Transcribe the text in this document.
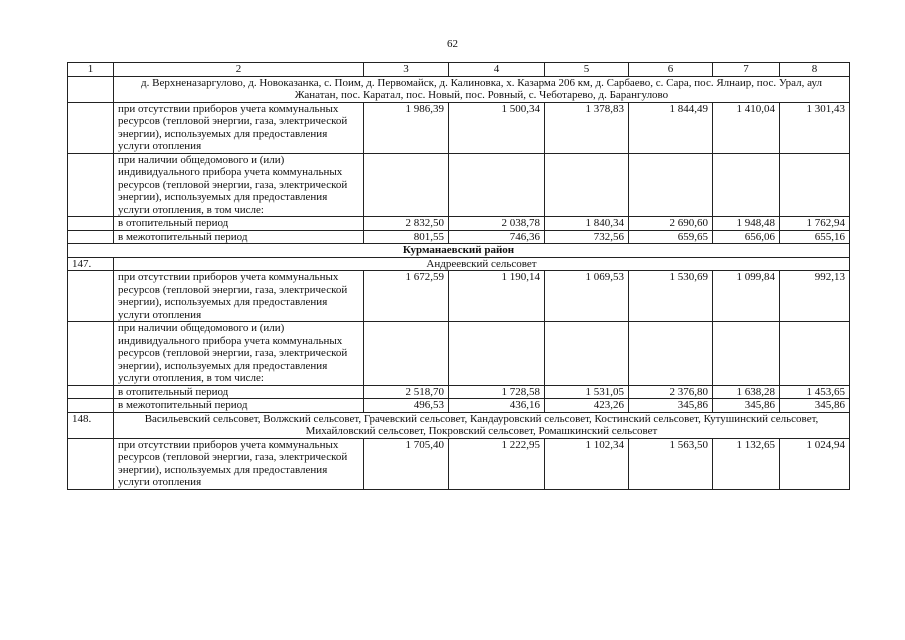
62
1	2	3	4	5	6	7	8
	д. Верхненазаргулово, д. Новоказанка, с. Поим, д. Первомайск, д. Калиновка, х. Казарма 206 км, д. Сарбаево, с. Сара, пос. Ялнаир, пос. Урал, аул Жанатан, пос. Каратал, пос. Новый, пос. Ровный, с. Чеботарево, д. Барангулово						
	при отсутствии приборов учета коммунальных ресурсов (тепловой энергии, газа, электрической энергии), используемых для предоставления услуги отопления	1 986,39	1 500,34	1 378,83	1 844,49	1 410,04	1 301,43
	при наличии общедомового и (или) индивидуального прибора учета коммунальных ресурсов (тепловой энергии, газа, электрической энергии), используемых для предоставления услуги отопления, в том числе:						
	в отопительный период	2 832,50	2 038,78	1 840,34	2 690,60	1 948,48	1 762,94
	в межотопительный период	801,55	746,36	732,56	659,65	656,06	655,16
Курманаевский район							
147.	Андреевский сельсовет						
	при отсутствии приборов учета коммунальных ресурсов (тепловой энергии, газа, электрической энергии), используемых для предоставления услуги отопления	1 672,59	1 190,14	1 069,53	1 530,69	1 099,84	992,13
	при наличии общедомового и (или) индивидуального прибора учета коммунальных ресурсов (тепловой энергии, газа, электрической энергии), используемых для предоставления услуги отопления, в том числе:						
	в отопительный период	2 518,70	1 728,58	1 531,05	2 376,80	1 638,28	1 453,65
	в межотопительный период	496,53	436,16	423,26	345,86	345,86	345,86
148.	Васильевский сельсовет, Волжский сельсовет, Грачевский сельсовет, Кандауровский сельсовет, Костинский сельсовет, Кутушинский сельсовет, Михайловский сельсовет, Покровский сельсовет, Ромашкинский сельсовет						
	при отсутствии приборов учета коммунальных ресурсов (тепловой энергии, газа, электрической энергии), используемых для предоставления услуги отопления	1 705,40	1 222,95	1 102,34	1 563,50	1 132,65	1 024,94
